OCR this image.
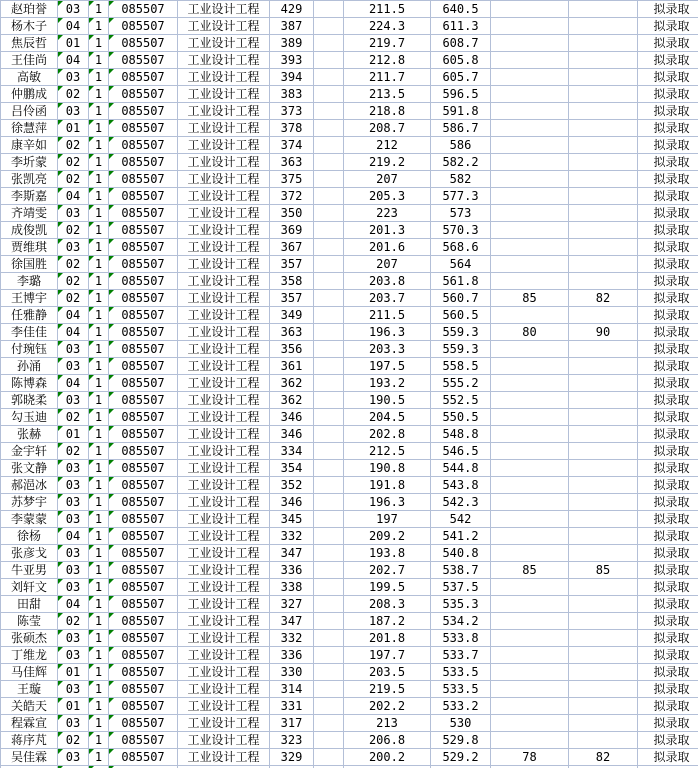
赵珀誉	03	1	085507	工业设计工程	429		211.5	640.5			拟录取
杨木子	04	1	085507	工业设计工程	387		224.3	611.3			拟录取
焦辰哲	01	1	085507	工业设计工程	389		219.7	608.7			拟录取
王佳尚	04	1	085507	工业设计工程	393		212.8	605.8			拟录取
高敏	03	1	085507	工业设计工程	394		211.7	605.7			拟录取
仲鹏成	02	1	085507	工业设计工程	383		213.5	596.5			拟录取
吕伶函	03	1	085507	工业设计工程	373		218.8	591.8			拟录取
徐慧萍	01	1	085507	工业设计工程	378		208.7	586.7			拟录取
康辛如	02	1	085507	工业设计工程	374		212	586			拟录取
李圻蒙	02	1	085507	工业设计工程	363		219.2	582.2			拟录取
张凯亮	02	1	085507	工业设计工程	375		207	582			拟录取
李斯嘉	04	1	085507	工业设计工程	372		205.3	577.3			拟录取
齐靖雯	03	1	085507	工业设计工程	350		223	573			拟录取
成俊凯	02	1	085507	工业设计工程	369		201.3	570.3			拟录取
贾维琪	03	1	085507	工业设计工程	367		201.6	568.6			拟录取
徐国胜	02	1	085507	工业设计工程	357		207	564			拟录取
李璐	02	1	085507	工业设计工程	358		203.8	561.8			拟录取
王博宇	02	1	085507	工业设计工程	357		203.7	560.7	85	82	拟录取
任雅静	04	1	085507	工业设计工程	349		211.5	560.5			拟录取
李佳佳	04	1	085507	工业设计工程	363		196.3	559.3	80	90	拟录取
付琬钰	03	1	085507	工业设计工程	356		203.3	559.3			拟录取
孙涌	03	1	085507	工业设计工程	361		197.5	558.5			拟录取
陈博森	04	1	085507	工业设计工程	362		193.2	555.2			拟录取
郭晓柔	03	1	085507	工业设计工程	362		190.5	552.5			拟录取
勾玉迪	02	1	085507	工业设计工程	346		204.5	550.5			拟录取
张赫	01	1	085507	工业设计工程	346		202.8	548.8			拟录取
金宇轩	02	1	085507	工业设计工程	334		212.5	546.5			拟录取
张文静	03	1	085507	工业设计工程	354		190.8	544.8			拟录取
郝浥冰	03	1	085507	工业设计工程	352		191.8	543.8			拟录取
苏梦宇	03	1	085507	工业设计工程	346		196.3	542.3			拟录取
李蒙蒙	03	1	085507	工业设计工程	345		197	542			拟录取
徐杨	04	1	085507	工业设计工程	332		209.2	541.2			拟录取
张彦戈	03	1	085507	工业设计工程	347		193.8	540.8			拟录取
牛亚男	03	1	085507	工业设计工程	336		202.7	538.7	85	85	拟录取
刘轩文	03	1	085507	工业设计工程	338		199.5	537.5			拟录取
田甜	04	1	085507	工业设计工程	327		208.3	535.3			拟录取
陈莹	02	1	085507	工业设计工程	347		187.2	534.2			拟录取
张硕杰	03	1	085507	工业设计工程	332		201.8	533.8			拟录取
丁维龙	03	1	085507	工业设计工程	336		197.7	533.7			拟录取
马佳辉	01	1	085507	工业设计工程	330		203.5	533.5			拟录取
王璇	03	1	085507	工业设计工程	314		219.5	533.5			拟录取
关皓天	01	1	085507	工业设计工程	331		202.2	533.2			拟录取
程霖宣	03	1	085507	工业设计工程	317		213	530			拟录取
蒋序芃	02	1	085507	工业设计工程	323		206.8	529.8			拟录取
吴佳霖	03	1	085507	工业设计工程	329		200.2	529.2	78	82	拟录取
